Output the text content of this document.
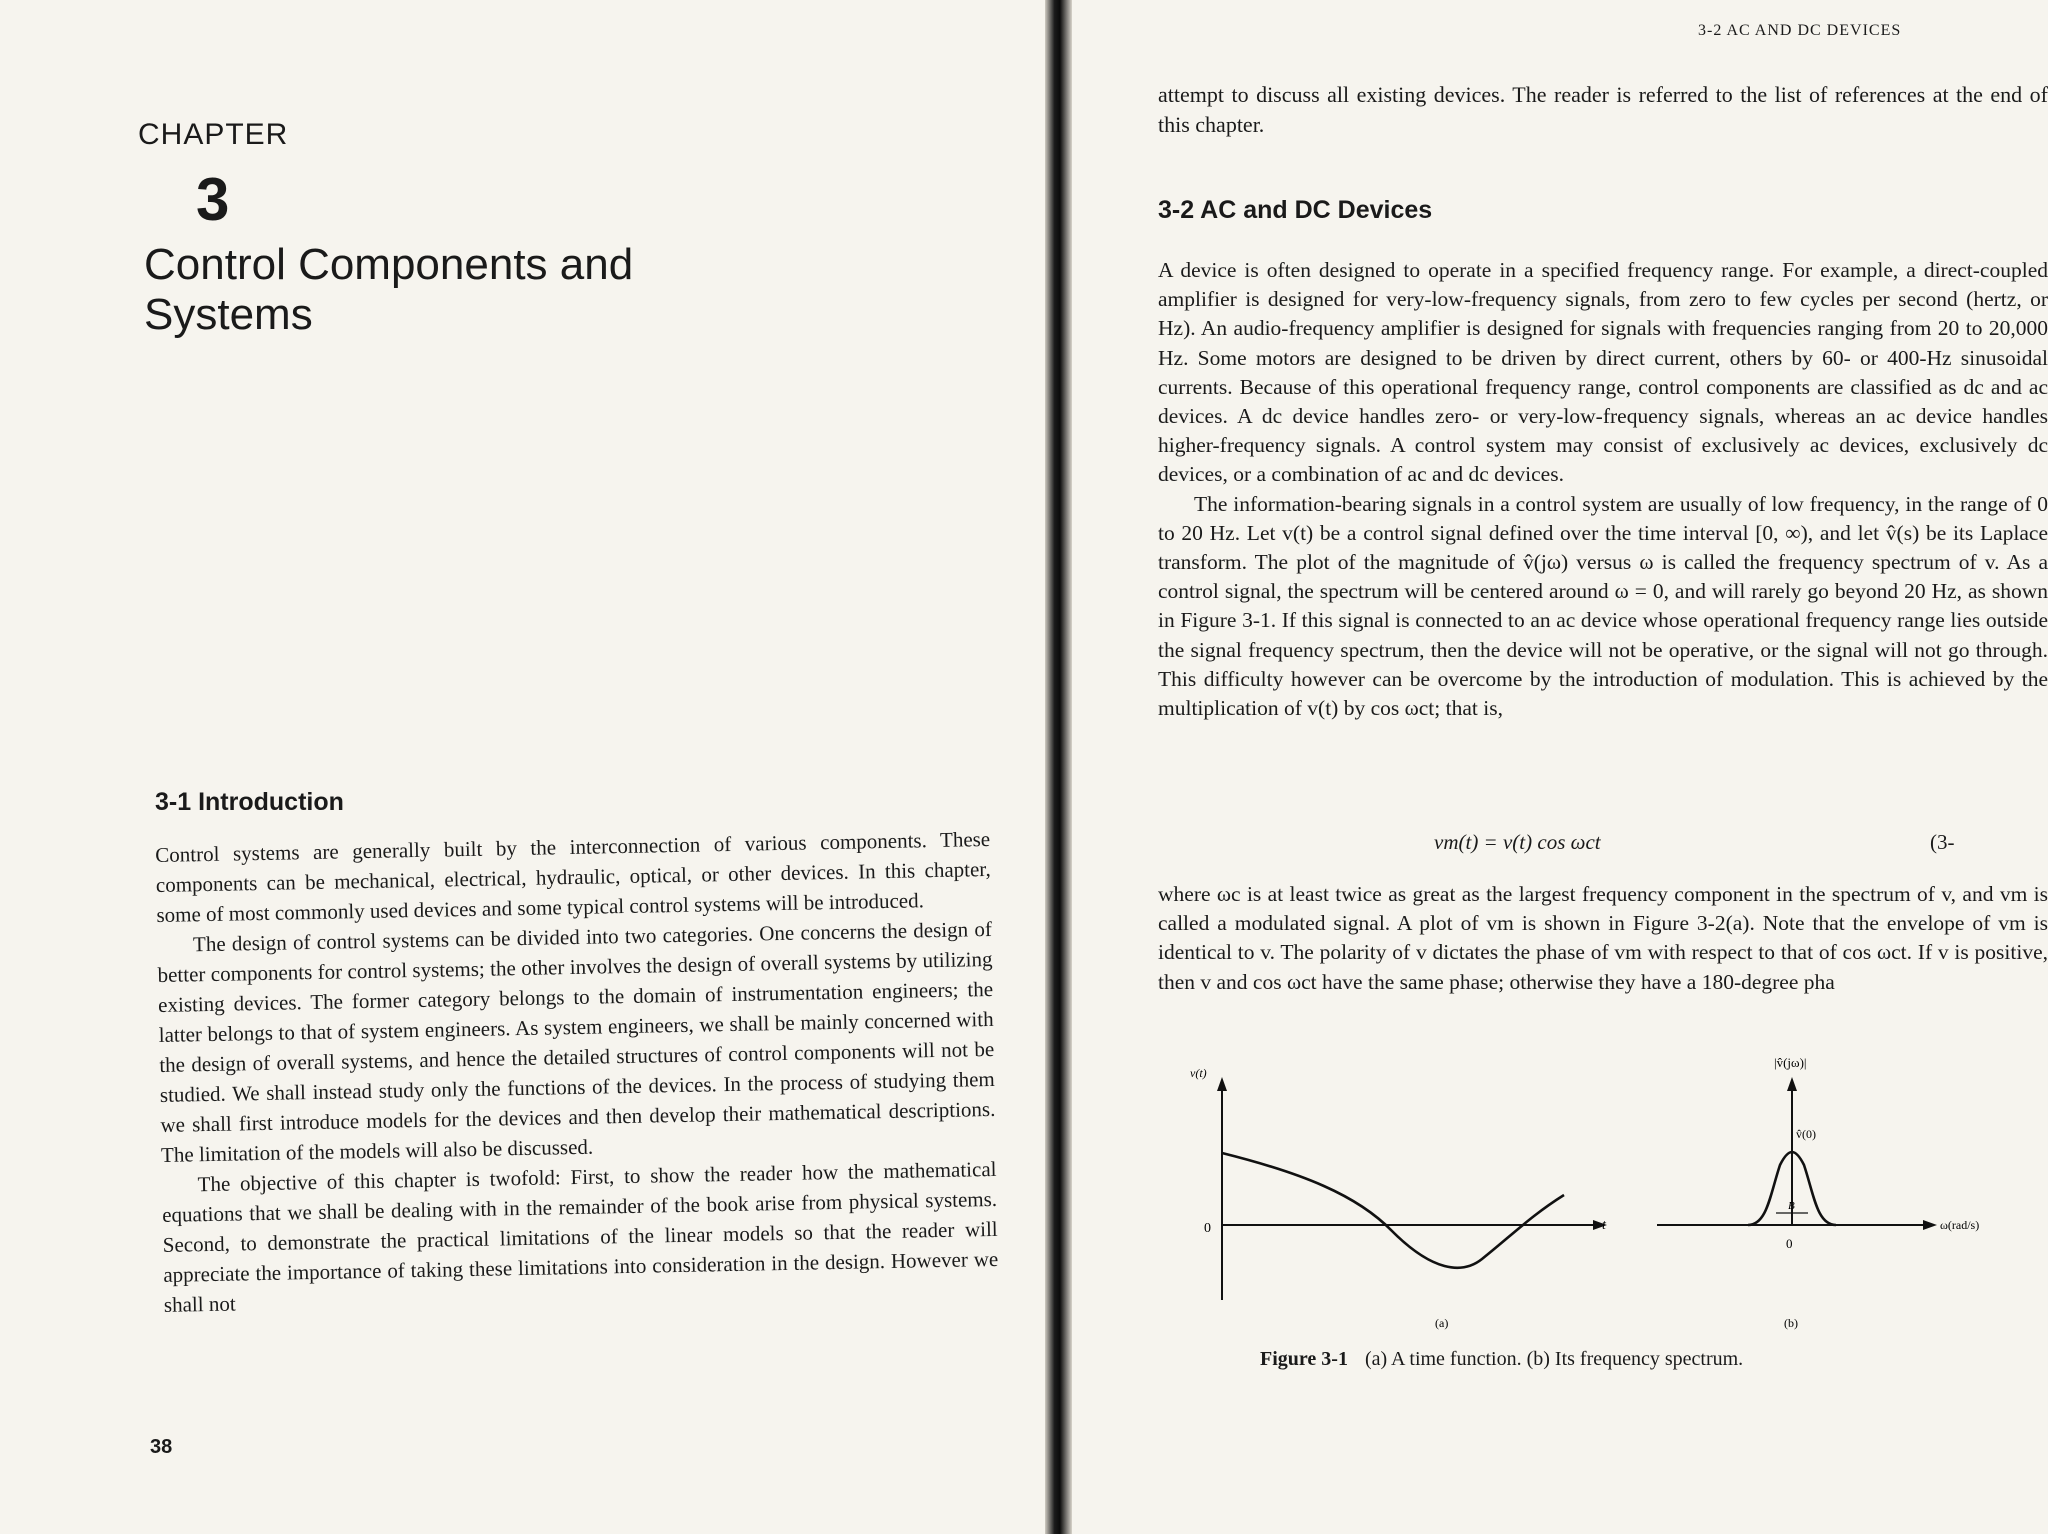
CHAPTER
3
Control Components and Systems
3-1 Introduction

Control systems are generally built by the interconnection of various components. These components can be mechanical, electrical, hydraulic, optical, or other devices. In this chapter, some of most commonly used devices and some typical control systems will be introduced.

The design of control systems can be divided into two categories. One concerns the design of better components for control systems; the other involves the design of overall systems by utilizing existing devices. The former category belongs to the domain of instrumentation engineers; the latter belongs to that of system engineers. As system engineers, we shall be mainly concerned with the design of overall systems, and hence the detailed structures of control components will not be studied. We shall instead study only the functions of the devices. In the process of studying them we shall first introduce models for the devices and then develop their mathematical descriptions. The limitation of the models will also be discussed.

The objective of this chapter is twofold: First, to show the reader how the mathematical equations that we shall be dealing with in the remainder of the book arise from physical systems. Second, to demonstrate the practical limitations of the linear models so that the reader will appreciate the importance of taking these limitations into consideration in the design. However we shall not

38
3-2 AC AND DC DEVICES

attempt to discuss all existing devices. The reader is referred to the list of references at the end of this chapter.

3-2 AC and DC Devices

A device is often designed to operate in a specified frequency range. For example, a direct-coupled amplifier is designed for very-low-frequency signals, from zero to few cycles per second (hertz, or Hz). An audio-frequency amplifier is designed for signals with frequencies ranging from 20 to 20,000 Hz. Some motors are designed to be driven by direct current, others by 60- or 400-Hz sinusoidal currents. Because of this operational frequency range, control components are classified as dc and ac devices. A dc device handles zero- or very-low-frequency signals, whereas an ac device handles higher-frequency signals. A control system may consist of exclusively ac devices, exclusively dc devices, or a combination of ac and dc devices.

The information-bearing signals in a control system are usually of low frequency, in the range of 0 to 20 Hz. Let v(t) be a control signal defined over the time interval [0, ∞), and let v̂(s) be its Laplace transform. The plot of the magnitude of v̂(jω) versus ω is called the frequency spectrum of v. As a control signal, the spectrum will be centered around ω = 0, and will rarely go beyond 20 Hz, as shown in Figure 3-1. If this signal is connected to an ac device whose operational frequency range lies outside the signal frequency spectrum, then the device will not be operative, or the signal will not go through. This difficulty however can be overcome by the introduction of modulation. This is achieved by the multiplication of v(t) by cos ωct; that is,

vm(t) = v(t) cos ωct	(3-

where ωc is at least twice as great as the largest frequency component in the spectrum of v, and vm is called a modulated signal. A plot of vm is shown in Figure 3-2(a). Note that the envelope of vm is identical to v. The polarity of v dictates the phase of vm with respect to that of cos ωct. If v is positive, then v and cos ωct have the same phase; otherwise they have a 180-degree pha

v(t)
0	t
(a)
|v̂(jω)|
v̂(0)
B
0
ω(rad/s)
(b)
Figure 3-1 (a) A time function. (b) Its frequency spectrum.
